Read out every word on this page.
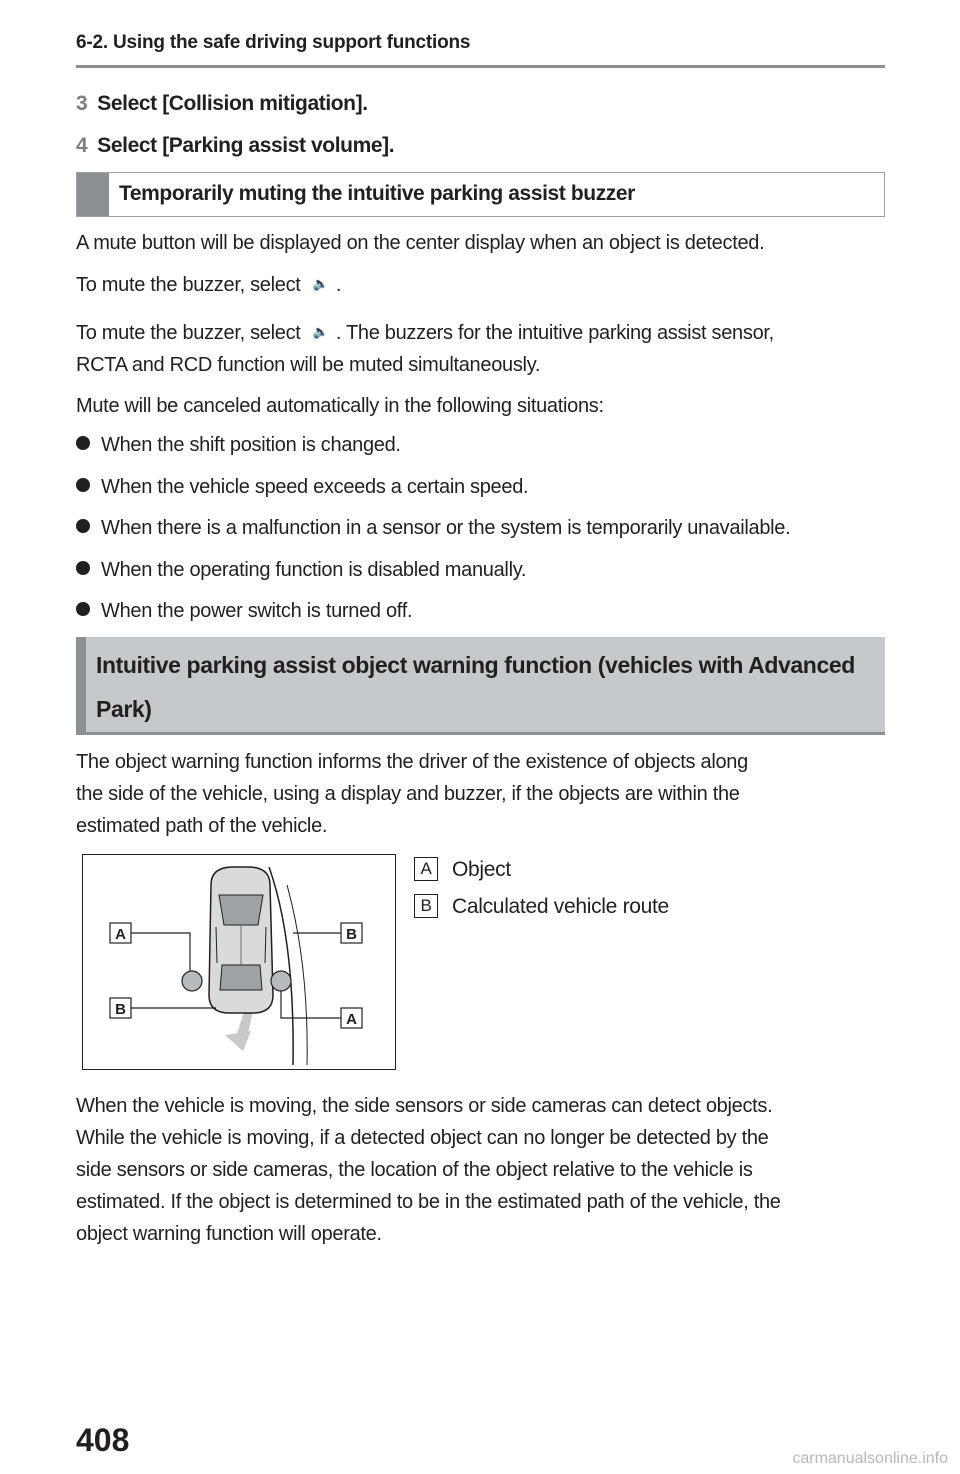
6-2. Using the safe driving support functions
3 Select [Collision mitigation].
4 Select [Parking assist volume].
Temporarily muting the intuitive parking assist buzzer
A mute button will be displayed on the center display when an object is detected.
To mute the buzzer, select 🔈 .
To mute the buzzer, select 🔈 . The buzzers for the intuitive parking assist sensor,
RCTA and RCD function will be muted simultaneously.
Mute will be canceled automatically in the following situations:
When the shift position is changed.
When the vehicle speed exceeds a certain speed.
When there is a malfunction in a sensor or the system is temporarily unavailable.
When the operating function is disabled manually.
When the power switch is turned off.
Intuitive parking assist object warning function (vehicles with Advanced
Park)
The object warning function informs the driver of the existence of objects along
the side of the vehicle, using a display and buzzer, if the objects are within the
estimated path of the vehicle.
A	B
B
A
A Object
B Calculated vehicle route
When the vehicle is moving, the side sensors or side cameras can detect objects.
While the vehicle is moving, if a detected object can no longer be detected by the
side sensors or side cameras, the location of the object relative to the vehicle is
estimated. If the object is determined to be in the estimated path of the vehicle, the
object warning function will operate.
408
carmanualsonline.info
